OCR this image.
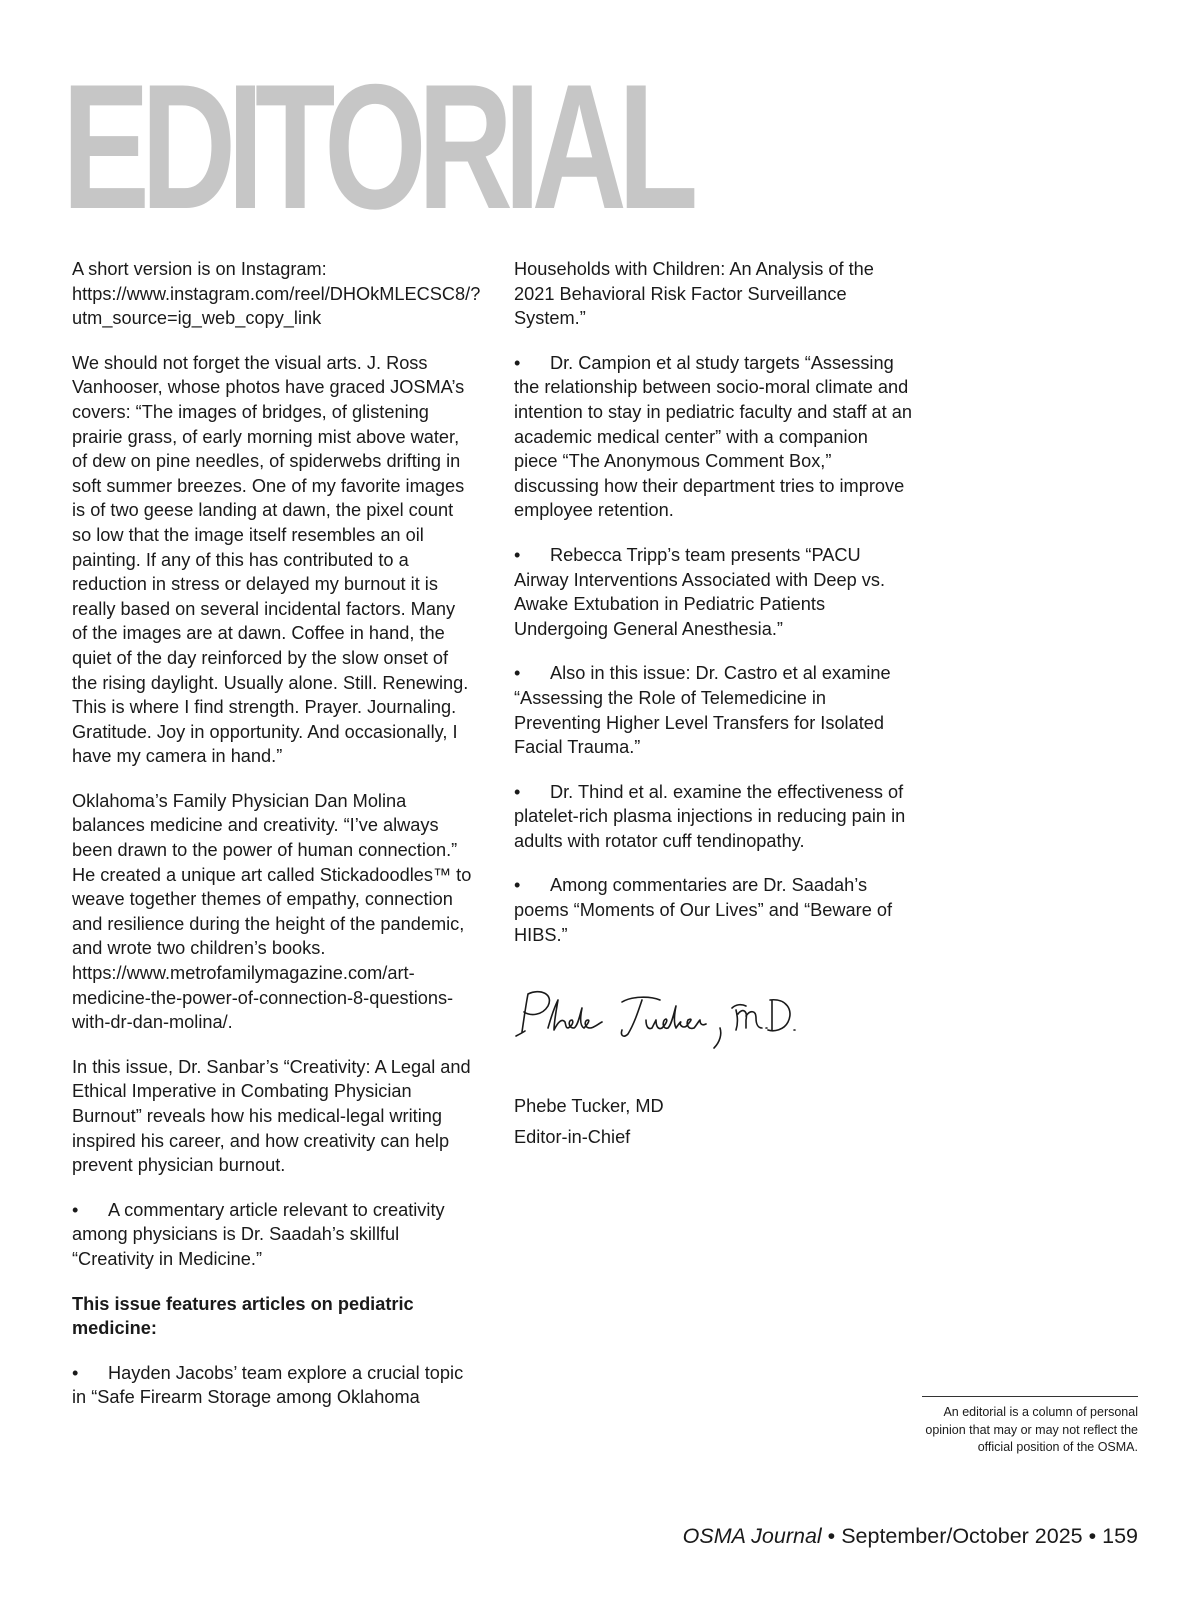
EDITORIAL

A short version is on Instagram: https://www.instagram.com/reel/DHOkMLECSC8/?utm_source=ig_web_copy_link

We should not forget the visual arts. J. Ross Vanhooser, whose photos have graced JOSMA’s covers: “The images of bridges, of glistening prairie grass, of early morning mist above water, of dew on pine needles, of spiderwebs drifting in soft summer breezes. One of my favorite images is of two geese landing at dawn, the pixel count so low that the image itself resembles an oil painting. If any of this has contributed to a reduction in stress or delayed my burnout it is really based on several incidental factors. Many of the images are at dawn. Coffee in hand, the quiet of the day reinforced by the slow onset of the rising daylight. Usually alone. Still. Renewing. This is where I find strength. Prayer. Journaling. Gratitude. Joy in opportunity. And occasionally, I have my camera in hand.”

Oklahoma’s Family Physician Dan Molina balances medicine and creativity. “I’ve always been drawn to the power of human connection.” He created a unique art called Stickadoodles™ to weave together themes of empathy, connection and resilience during the height of the pandemic, and wrote two children’s books. https://www.metrofamilymagazine.com/art-medicine-the-power-of-connection-8-questions-with-dr-dan-molina/.

In this issue, Dr. Sanbar’s “Creativity: A Legal and Ethical Imperative in Combating Physician Burnout” reveals how his medical-legal writing inspired his career, and how creativity can help prevent physician burnout.

• A commentary article relevant to creativity among physicians is Dr. Saadah’s skillful “Creativity in Medicine.”

This issue features articles on pediatric medicine:

• Hayden Jacobs’ team explore a crucial topic in “Safe Firearm Storage among Oklahoma

Households with Children: An Analysis of the 2021 Behavioral Risk Factor Surveillance System.”

• Dr. Campion et al study targets “Assessing the relationship between socio-moral climate and intention to stay in pediatric faculty and staff at an academic medical center” with a companion piece “The Anonymous Comment Box,” discussing how their department tries to improve employee retention.

• Rebecca Tripp’s team presents “PACU Airway Interventions Associated with Deep vs. Awake Extubation in Pediatric Patients Undergoing General Anesthesia.”

• Also in this issue: Dr. Castro et al examine “Assessing the Role of Telemedicine in Preventing Higher Level Transfers for Isolated Facial Trauma.”

• Dr. Thind et al. examine the effectiveness of platelet-rich plasma injections in reducing pain in adults with rotator cuff tendinopathy.

• Among commentaries are Dr. Saadah’s poems “Moments of Our Lives” and “Beware of HIBS.”

Phebe Tucker, MD
Editor-in-Chief
An editorial is a column of personal opinion that may or may not reflect the official position of the OSMA.
OSMA Journal • September/October 2025 • 159
